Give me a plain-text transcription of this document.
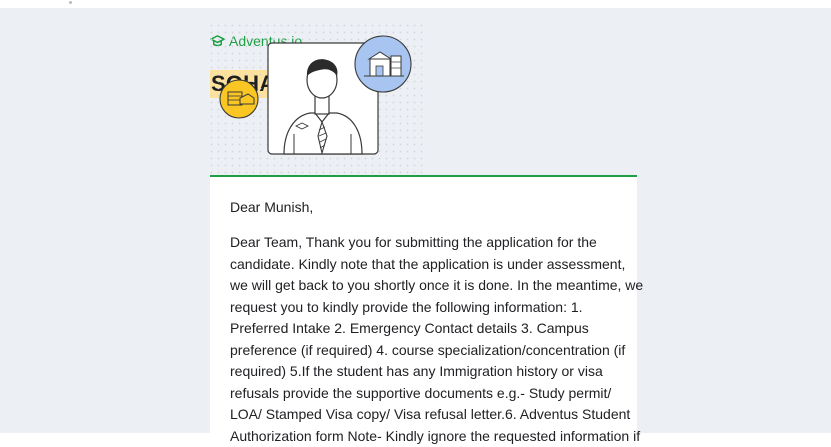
Dear Munish,
Dear Team, Thank you for submitting the application for the
candidate. Kindly note that the application is under assessment,
we will get back to you shortly once it is done. In the meantime, we
request you to kindly provide the following information: 1.
Preferred Intake 2. Emergency Contact details 3. Campus
preference (if required) 4. course specialization/concentration (if
required) 5.If the student has any Immigration history or visa
refusals provide the supportive documents e.g.- Study permit/
LOA/ Stamped Visa copy/ Visa refusal letter.6. Adventus Student
Authorization form Note- Kindly ignore the requested information if
